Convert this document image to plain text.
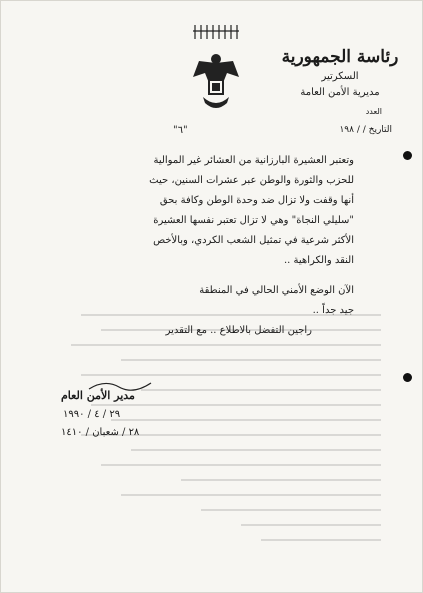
رئاسة الجمهورية
السكرتير
مديرية الأمن العامة
العدد
التاريخ / / ١٩٨
"٦"

وتعتبر العشيرة البارزانية من العشائر غير الموالية

للحزب والثورة والوطن عبر عشرات السنين، حيث

أنها وقفت ولا تزال ضد وحدة الوطن وكافة بحق

"سليلي النجاة" وهي لا تزال تعتبر نفسها العشيرة

الأكثر شرعية في تمثيل الشعب الكردي، وبالأخص

النقد والكراهية ..

الآن الوضع الأمني الحالي في المنطقة

جيد جداً ..

راجين التفضل بالاطلاع .. مع التقدير
مدير الأمن العام
٢٩ / ٤ / ١٩٩٠
٢٨ / شعبان / ١٤١٠
